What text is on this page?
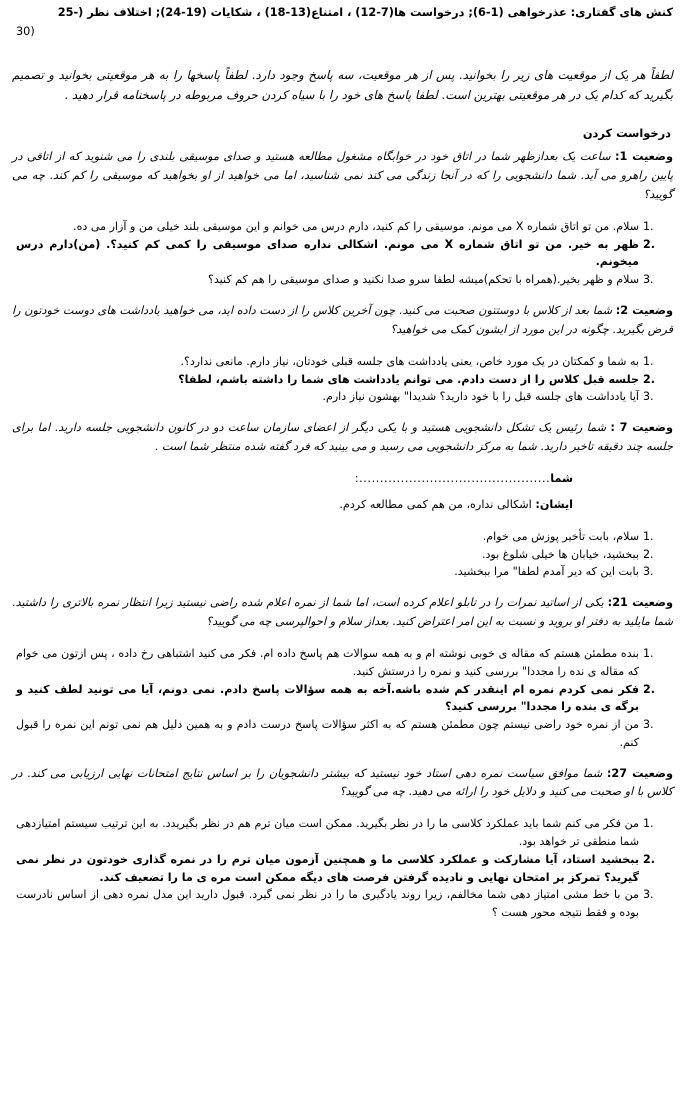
کنش های گفتاری: عذرخواهی (1-6); درخواست ها(7-12) ، امتناع(13-18) ، شکایات (19-24); اختلاف نظر (-25
(30

لطفاً هر یک از موقعیت های زیر را بخوانید. پس از هر موقعیت، سه پاسخ وجود دارد. لطفاً پاسخها را به هر موقعیتی بخوانید و تصمیم بگیرید که کدام یک در هر موقعیتی بهترین است. لطفا پاسخ های خود را با سیاه کردن حروف مربوطه در پاسخنامه قرار دهید .

درخواست کردن

وضعیت 1: ساعت یک بعدازظهر شما در اتاق خود در خوابگاه مشغول مطالعه هستید و صدای موسیقی بلندی را می شنوید که از اتاقی در پایین راهرو می آید. شما دانشجویی را که در آنجا زندگی می کند نمی شناسید، اما می خواهید از او بخواهید که موسیقی را کم کند. چه می گویید؟

1.
سلام. من تو اتاق شماره X می مونم. موسیقی را کم کنید، دارم درس می خوانم و این موسیقی بلند خیلی من و آزار می ده.
2.
ظهر به خیر. من تو اتاق شماره X می مونم. اشکالی نداره صدای موسیقی را کمی کم کنید؟. (من)دارم درس میخونم.
3.
سلام و ظهر بخیر.(همراه با تحکم)میشه لطفا سرو صدا نکنید و صدای موسیقی را هم کم کنید؟

وضعیت 2: شما بعد از کلاس با دوستتون صحبت می کنید. چون آخرین کلاس را از دست داده اید، می خواهید یادداشت های دوست خودتون را قرض بگیرید. چگونه در این مورد از ایشون کمک می خواهید؟

1.
به شما و کمکتان در یک مورد خاص، یعنی یادداشت های جلسه قبلی خودتان، نیاز دارم. مانعی ندارد؟.
2.
جلسه قبل کلاس را از دست دادم. می توانم یادداشت های شما را داشته باشم، لطفا؟
3.
آیا یادداشت های جلسه قبل را با خود دارید؟ شدیدا" بهشون نیاز دارم.

وضعیت 7 : شما رئیس یک تشکل دانشجویی هستید و با یکی دیگر از اعضای سازمان ساعت دو در کانون دانشجویی جلسه دارید. اما برای جلسه چند دقیقه تاخیر دارید. شما به مرکز دانشجویی می رسید و می بینید که فرد گفته شده منتظر شما است .

شما
:..............................................

ایشان: اشکالی نداره، من هم کمی مطالعه کردم.

1.
سلام، بابت تأخیر پوزش می خوام.
2.
ببخشید، خیابان ها خیلی شلوغ بود.
3.
بابت این که دیر آمدم لطفا" مرا ببخشید.

وضعیت 21: یکی از اساتید نمرات را در تابلو اعلام کرده است، اما شما از نمره اعلام شده راضی نیستید زیرا انتظار نمره بالاتری را داشتید. شما مایلید به دفتر او بروید و نسبت به این امر اعتراض کنید. بعداز سلام و احوالپرسی چه می گویید؟

1.
بنده مطمئن هستم که مقاله ی خوبی نوشته ام و به همه سوالات هم پاسخ داده ام. فکر می کنید اشتباهی رخ داده ، پس ازتون می خوام که مقاله ی نده را مجددا" بررسی کنید و نمره را درستش کنید.
2.
فکر نمی کردم نمره ام اینقدر کم شده باشه.آخه به همه سؤالات پاسخ دادم. نمی دونم، آیا می تونید لطف کنید و برگه ی بنده را مجددا" بررسی کنید؟
3.
من از نمره خود راضی نیستم چون مطمئن هستم که به اکثر سؤالات پاسخ درست دادم و به همین دلیل هم نمی تونم این نمره را قبول کنم.

وضعیت 27: شما موافق سیاست نمره دهی استاد خود نیستید که بیشتر دانشجویان را بر اساس نتایج امتحانات نهایی ارزیابی می کند. در کلاس با او صحبت می کنید و دلایل خود را ارائه می دهید. چه می گویید؟

1.
من فکر می کنم شما باید عملکرد کلاسی ما را در نظر بگیرید. ممکن است میان ترم هم در نظر بگیریدد. به این ترتیب سیستم امتیازدهی شما منطقی تر خواهد بود.
2.
ببخشید استاد، آیا مشارکت و عملکرد کلاسی ما و همچنین آزمون میان ترم را در نمره گذاری خودتون در نظر نمی گیرید؟ تمرکز بر امتحان نهایی و نادیده گرفتن فرصت های دیگه ممکن است مره ی ما را تضعیف کند.
3.
من با خط مشی امتیاز دهی شما مخالفم، زیرا روند یادگیری ما را در نظر نمی گیرد. قبول دارید این مدل نمره دهی از اساس نادرست بوده و فقط نتیجه محور هست ؟
